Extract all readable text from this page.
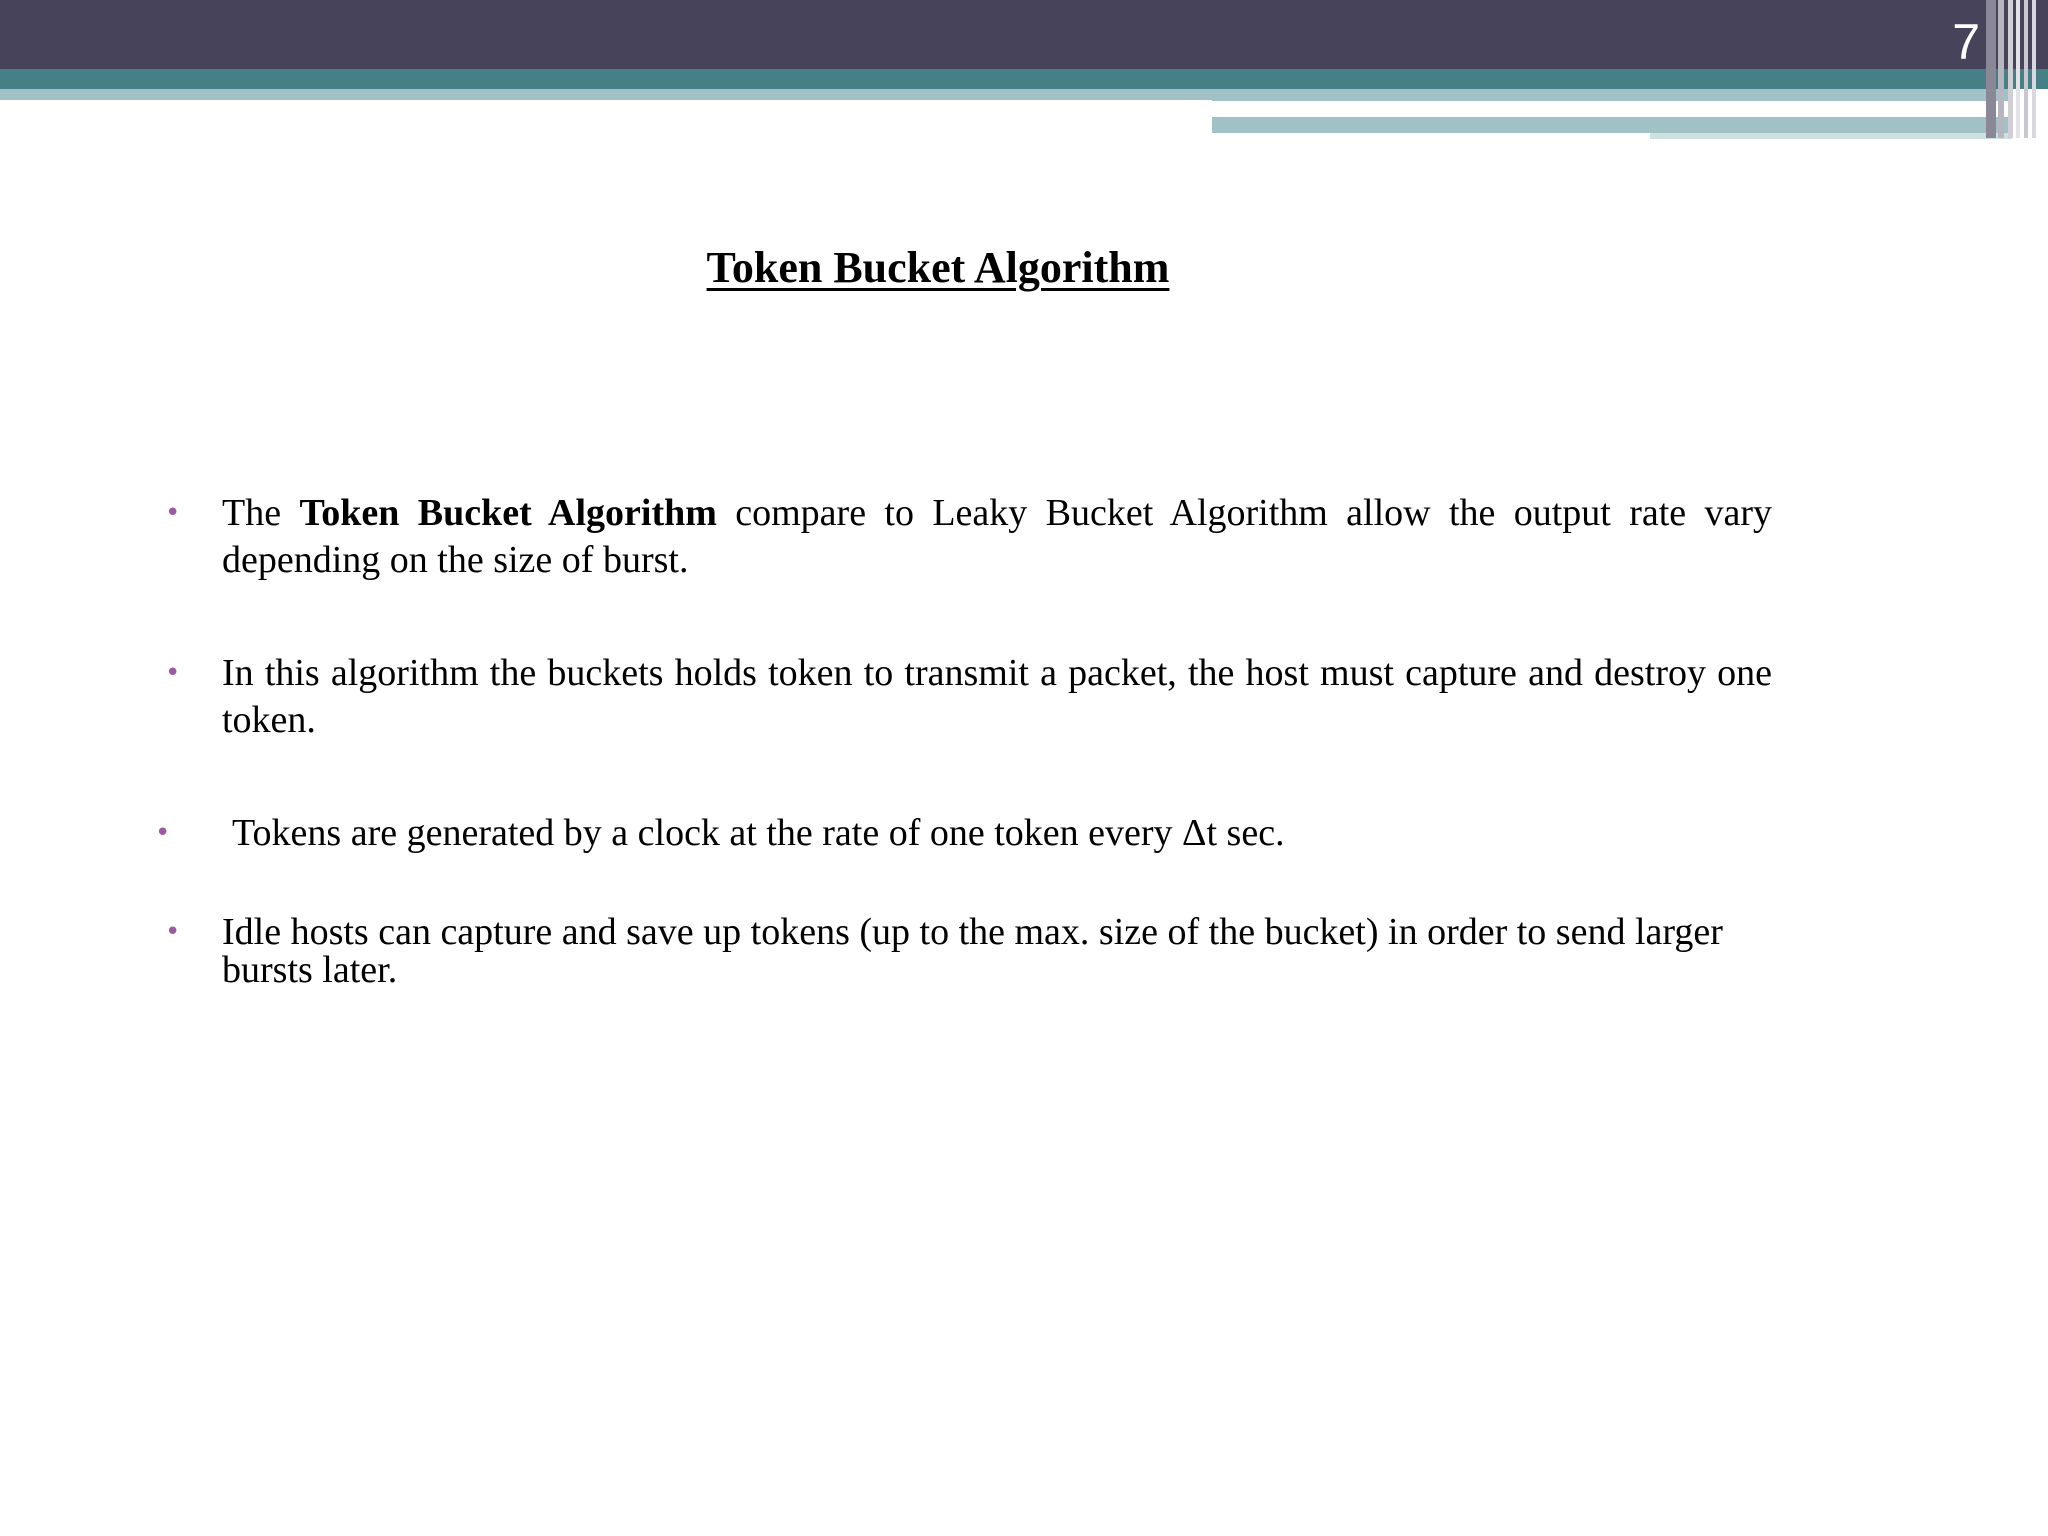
7
Token Bucket Algorithm
• The Token Bucket Algorithm compare to Leaky Bucket Algorithm allow the output rate vary depending on the size of burst.
• In this algorithm the buckets holds token to transmit a packet, the host must capture and destroy one token.
• Tokens are generated by a clock at the rate of one token every Δt sec.
• Idle hosts can capture and save up tokens (up to the max. size of the bucket) in order to send larger bursts later.
